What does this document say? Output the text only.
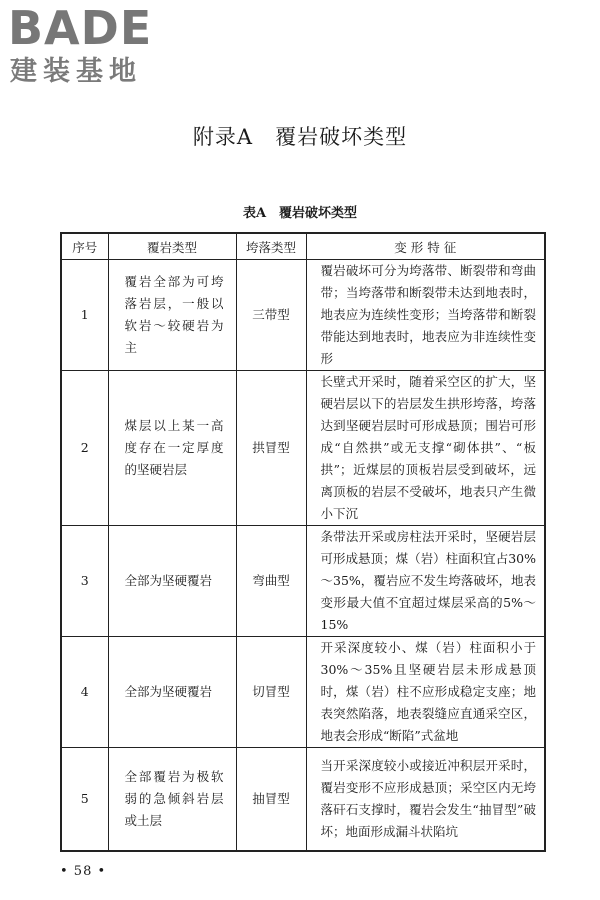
BADE
建装基地
附录A　覆岩破坏类型
表A　覆岩破坏类型
序号	覆岩类型	垮落类型	变 形 特 征
1	覆岩全部为可垮落岩层，一般以软岩～较硬岩为主	三带型	覆岩破坏可分为垮落带、断裂带和弯曲带；当垮落带和断裂带未达到地表时，地表应为连续性变形；当垮落带和断裂带能达到地表时，地表应为非连续性变形
2	煤层以上某一高度存在一定厚度的坚硬岩层	拱冒型	长壁式开采时，随着采空区的扩大，坚硬岩层以下的岩层发生拱形垮落，垮落达到坚硬岩层时可形成悬顶；围岩可形成“自然拱”或无支撑“砌体拱”、“板拱”；近煤层的顶板岩层受到破坏，远离顶板的岩层不受破坏，地表只产生微小下沉
3	全部为坚硬覆岩	弯曲型	条带法开采或房柱法开采时，坚硬岩层可形成悬顶；煤（岩）柱面积宜占30%～35%，覆岩应不发生垮落破坏，地表变形最大值不宜超过煤层采高的5%～15%
4	全部为坚硬覆岩	切冒型	开采深度较小、煤（岩）柱面积小于30%～35%且坚硬岩层未形成悬顶时，煤（岩）柱不应形成稳定支座；地表突然陷落，地表裂缝应直通采空区，地表会形成“断陷”式盆地
5	全部覆岩为极软弱的急倾斜岩层或土层	抽冒型	当开采深度较小或接近冲积层开采时，覆岩变形不应形成悬顶；采空区内无垮落矸石支撑时，覆岩会发生“抽冒型”破坏；地面形成漏斗状陷坑
• 58 •
